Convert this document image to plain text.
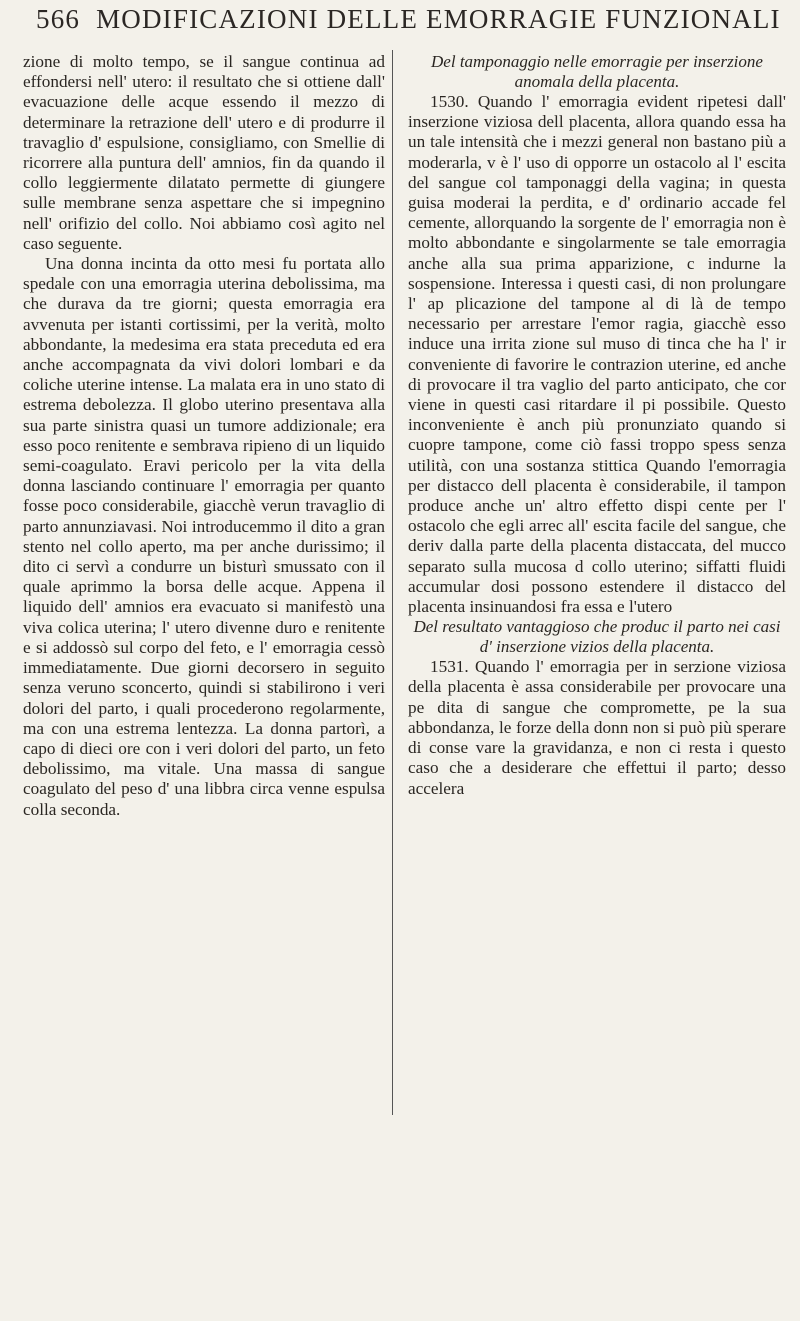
566 MODIFICAZIONI DELLE EMORRAGIE FUNZIONALI

zione di molto tempo, se il sangue continua ad effondersi nell' utero: il resultato che si ottiene dall' evacuazione delle acque essendo il mezzo di determinare la retrazione dell' utero e di produrre il travaglio d' espulsione, consigliamo, con Smellie di ricorrere alla puntura dell' amnios, fin da quando il collo leggiermente dilatato permette di giungere sulle membrane senza aspettare che si impegnino nell' orifizio del collo. Noi abbiamo così agito nel caso seguente.

Una donna incinta da otto mesi fu portata allo spedale con una emorragia uterina debolissima, ma che durava da tre giorni; questa emorragia era avvenuta per istanti cortissimi, per la verità, molto abbondante, la medesima era stata preceduta ed era anche accompagnata da vivi dolori lombari e da coliche uterine intense. La malata era in uno stato di estrema debolezza. Il globo uterino presentava alla sua parte sinistra quasi un tumore addizionale; era esso poco renitente e sembrava ripieno di un liquido semi-coagulato. Eravi pericolo per la vita della donna lasciando continuare l' emorragia per quanto fosse poco considerabile, giacchè verun travaglio di parto annunziavasi. Noi introducemmo il dito a gran stento nel collo aperto, ma per anche durissimo; il dito ci servì a condurre un bisturì smussato con il quale aprimmo la borsa delle acque. Appena il liquido dell' amnios era evacuato si manifestò una viva colica uterina; l' utero divenne duro e renitente e si addossò sul corpo del feto, e l' emorragia cessò immediatamente. Due giorni decorsero in seguito senza veruno sconcerto, quindi si stabilirono i veri dolori del parto, i quali procederono regolarmente, ma con una estrema lentezza. La donna partorì, a capo di dieci ore con i veri dolori del parto, un feto debolissimo, ma vitale. Una massa di sangue coagulato del peso d' una libbra circa venne espulsa colla seconda.

Del tamponaggio nelle emorragie per inserzione anomala della placenta.

1530. Quando l' emorragia evident ripetesi dall' inserzione viziosa dell placenta, allora quando essa ha un tale intensità che i mezzi general non bastano più a moderarla, v è l' uso di opporre un ostacolo al l' escita del sangue col tamponaggi della vagina; in questa guisa moderai la perdita, e d' ordinario accade fel cemente, allorquando la sorgente de l' emorragia non è molto abbondante e singolarmente se tale emorragia anche alla sua prima apparizione, c indurne la sospensione. Interessa i questi casi, di non prolungare l' ap plicazione del tampone al di là de tempo necessario per arrestare l'emor ragia, giacchè esso induce una irrita zione sul muso di tinca che ha l' ir conveniente di favorire le contrazion uterine, ed anche di provocare il tra vaglio del parto anticipato, che cor viene in questi casi ritardare il pi possibile. Questo inconveniente è anch più pronunziato quando si cuopre tampone, come ciò fassi troppo spess senza utilità, con una sostanza stittica Quando l'emorragia per distacco dell placenta è considerabile, il tampon produce anche un' altro effetto dispi cente per l' ostacolo che egli arrec all' escita facile del sangue, che deriv dalla parte della placenta distaccata, del mucco separato sulla mucosa d collo uterino; siffatti fluidi accumular dosi possono estendere il distacco del placenta insinuandosi fra essa e l'utero

Del resultato vantaggioso che produc il parto nei casi d' inserzione vizios della placenta.

1531. Quando l' emorragia per in serzione viziosa della placenta è assa considerabile per provocare una pe dita di sangue che compromette, pe la sua abbondanza, le forze della donn non si può più sperare di conse vare la gravidanza, e non ci resta i questo caso che a desiderare che effettui il parto; desso accelera
